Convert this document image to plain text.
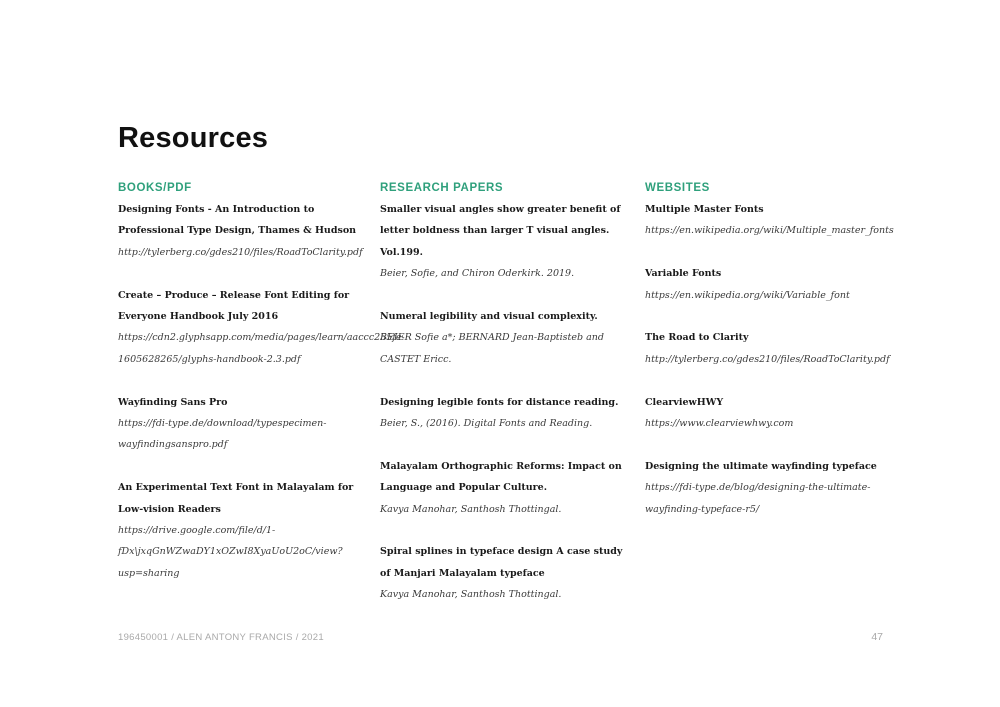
Resources
BOOKS/PDF
Designing Fonts - An Introduction to Professional Type Design, Thames & Hudson
http://tylerberg.co/gdes210/files/RoadToClarity.pdf
Create – Produce – Release Font Editing for Everyone Handbook July 2016
https://cdn2.glyphsapp.com/media/pages/learn/aaccc255fe-1605628265/glyphs-handbook-2.3.pdf
Wayfinding Sans Pro
https://fdi-type.de/download/typespecimen-wayfindingsanspro.pdf
An Experimental Text Font in Malayalam for Low-vision Readers
https://drive.google.com/file/d/1-fDx\jxqGnWZwaDY1xOZwI8XyaUoU2oC/view?usp=sharing
RESEARCH PAPERS
Smaller visual angles show greater benefit of letter boldness than larger T visual angles. Vol.199.
Beier, Sofie, and Chiron Oderkirk. 2019.
Numeral legibility and visual complexity. BEIER Sofie a*; BERNARD Jean-Baptisteb and CASTET Ericc.
Designing legible fonts for distance reading. Beier, S., (2016). Digital Fonts and Reading.
Malayalam Orthographic Reforms: Impact on Language and Popular Culture.
Kavya Manohar, Santhosh Thottingal.
Spiral splines in typeface design A case study of Manjari Malayalam typeface
Kavya Manohar, Santhosh Thottingal.
WEBSITES
Multiple Master Fonts
https://en.wikipedia.org/wiki/Multiple_master_fonts
Variable Fonts
https://en.wikipedia.org/wiki/Variable_font
The Road to Clarity
http://tylerberg.co/gdes210/files/RoadToClarity.pdf
ClearviewHWY
https://www.clearviewhwy.com
Designing the ultimate wayfinding typeface
https://fdi-type.de/blog/designing-the-ultimate-wayfinding-typeface-r5/
196450001 / ALEN ANTONY FRANCIS / 2021	47
